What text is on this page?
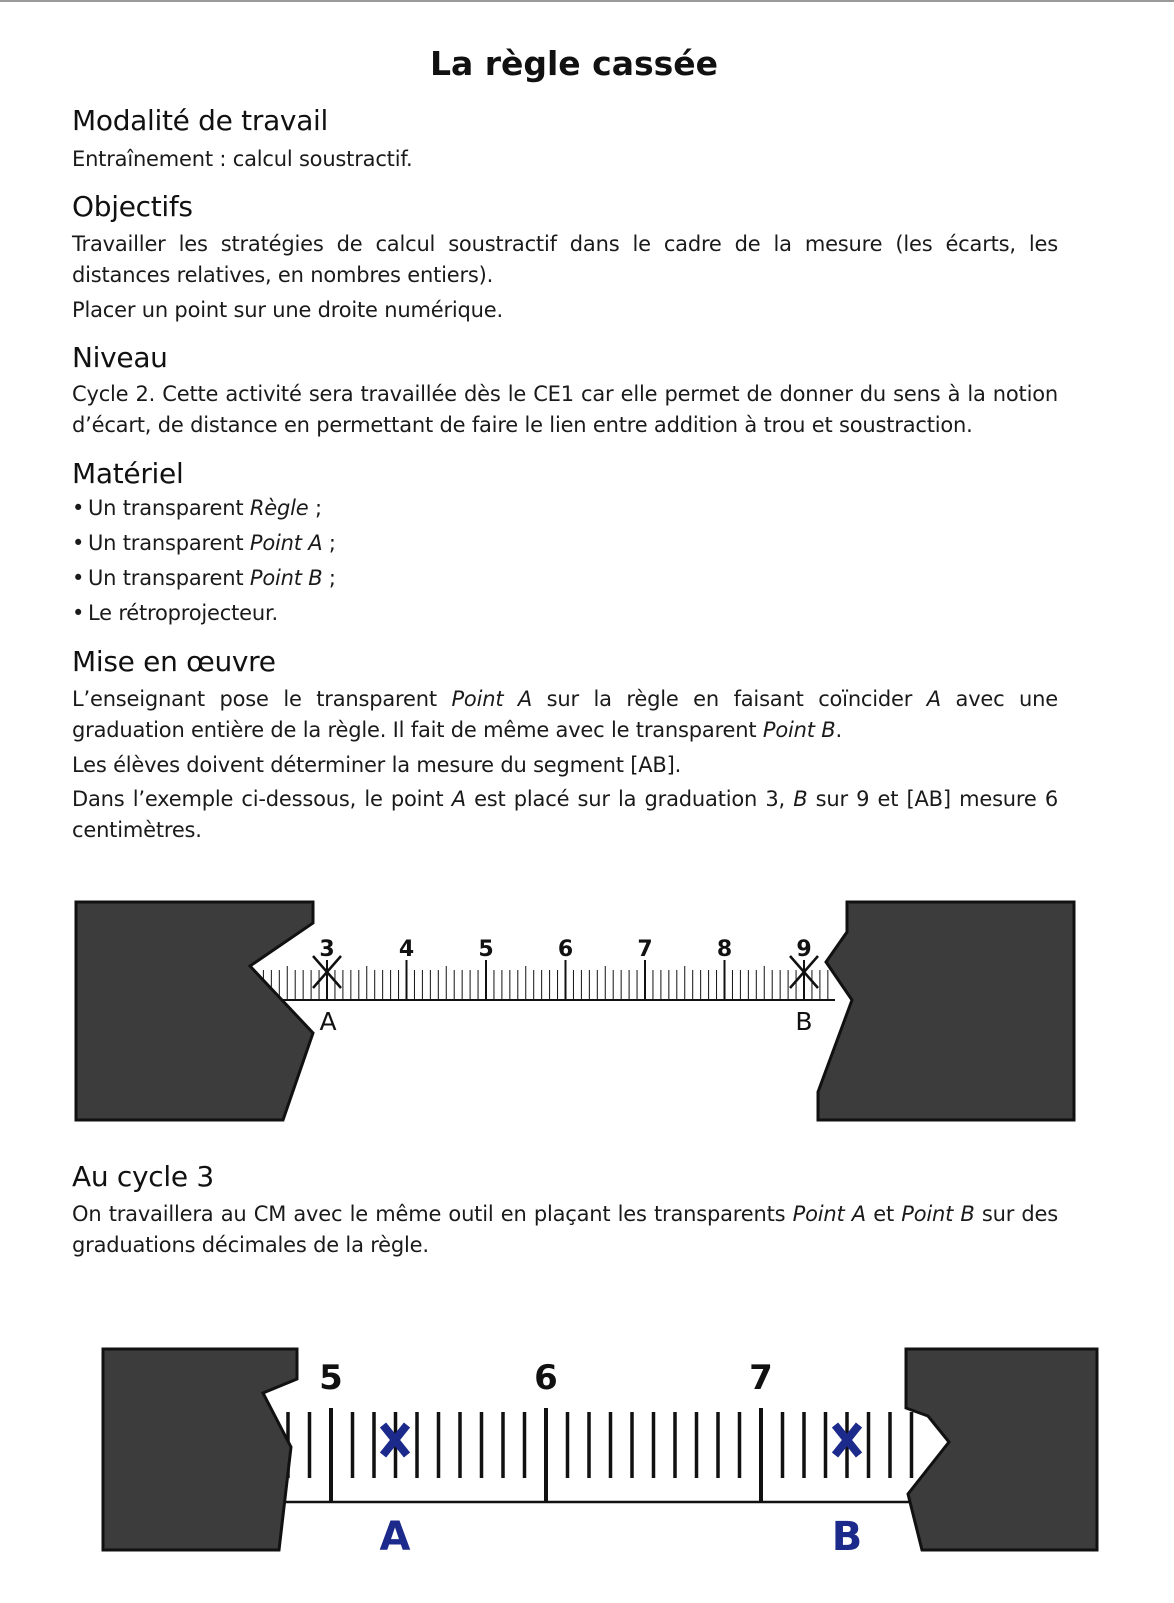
La règle cassée
Modalité de travail
Entraînement : calcul soustractif.
Objectifs
Travailler les stratégies de calcul soustractif dans le cadre de la mesure (les écarts, les distances relatives, en nombres entiers).
Placer un point sur une droite numérique.
Niveau
Cycle 2. Cette activité sera travaillée dès le CE1 car elle permet de donner du sens à la notion d’écart, de distance en permettant de faire le lien entre addition à trou et soustraction.
Matériel
• Un transparent Règle ;
• Un transparent Point A ;
• Un transparent Point B ;
• Le rétroprojecteur.
Mise en œuvre
L’enseignant pose le transparent Point A sur la règle en faisant coïncider A avec une graduation entière de la règle. Il fait de même avec le transparent Point B.
Les élèves doivent déterminer la mesure du segment [AB].
Dans l’exemple ci-dessous, le point A est placé sur la graduation 3, B sur 9 et [AB] mesure 6 centimètres.
3	4	5	6	7	8	9
A	B
Au cycle 3
On travaillera au CM avec le même outil en plaçant les transparents Point A et Point B sur des graduations décimales de la règle.
5	6	7
A	B
